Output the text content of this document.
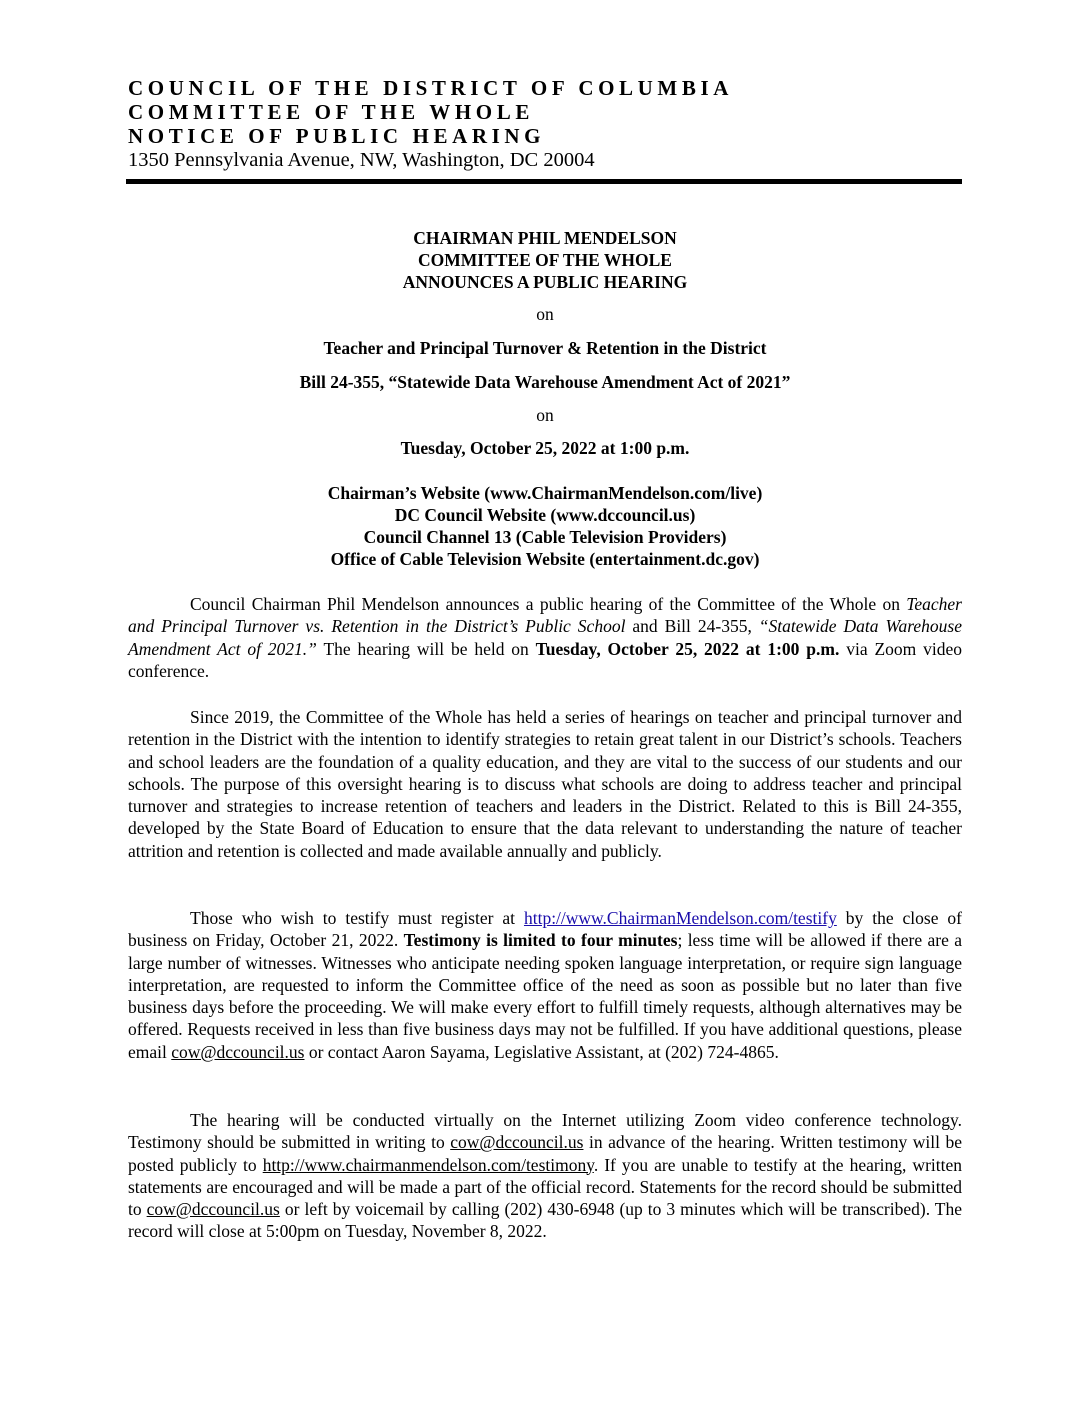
COUNCIL OF THE DISTRICT OF COLUMBIA
COMMITTEE OF THE WHOLE
NOTICE OF PUBLIC HEARING
1350 Pennsylvania Avenue, NW, Washington, DC 20004
CHAIRMAN PHIL MENDELSON
COMMITTEE OF THE WHOLE
ANNOUNCES A PUBLIC HEARING
on
Teacher and Principal Turnover & Retention in the District
Bill 24-355, “Statewide Data Warehouse Amendment Act of 2021”
on
Tuesday, October 25, 2022 at 1:00 p.m.
Chairman’s Website (www.ChairmanMendelson.com/live)
DC Council Website (www.dccouncil.us)
Council Channel 13 (Cable Television Providers)
Office of Cable Television Website (entertainment.dc.gov)

Council Chairman Phil Mendelson announces a public hearing of the Committee of the Whole on Teacher and Principal Turnover vs. Retention in the District’s Public School and Bill 24-355, “Statewide Data Warehouse Amendment Act of 2021.” The hearing will be held on Tuesday, October 25, 2022 at 1:00 p.m. via Zoom video conference.

Since 2019, the Committee of the Whole has held a series of hearings on teacher and principal turnover and retention in the District with the intention to identify strategies to retain great talent in our District’s schools. Teachers and school leaders are the foundation of a quality education, and they are vital to the success of our students and our schools. The purpose of this oversight hearing is to discuss what schools are doing to address teacher and principal turnover and strategies to increase retention of teachers and leaders in the District. Related to this is Bill 24-355, developed by the State Board of Education to ensure that the data relevant to understanding the nature of teacher attrition and retention is collected and made available annually and publicly.

Those who wish to testify must register at http://www.ChairmanMendelson.com/testify by the close of business on Friday, October 21, 2022. Testimony is limited to four minutes; less time will be allowed if there are a large number of witnesses. Witnesses who anticipate needing spoken language interpretation, or require sign language interpretation, are requested to inform the Committee office of the need as soon as possible but no later than five business days before the proceeding. We will make every effort to fulfill timely requests, although alternatives may be offered. Requests received in less than five business days may not be fulfilled. If you have additional questions, please email cow@dccouncil.us or contact Aaron Sayama, Legislative Assistant, at (202) 724-4865.

The hearing will be conducted virtually on the Internet utilizing Zoom video conference technology. Testimony should be submitted in writing to cow@dccouncil.us in advance of the hearing. Written testimony will be posted publicly to http://www.chairmanmendelson.com/testimony. If you are unable to testify at the hearing, written statements are encouraged and will be made a part of the official record. Statements for the record should be submitted to cow@dccouncil.us or left by voicemail by calling (202) 430-6948 (up to 3 minutes which will be transcribed). The record will close at 5:00pm on Tuesday, November 8, 2022.
